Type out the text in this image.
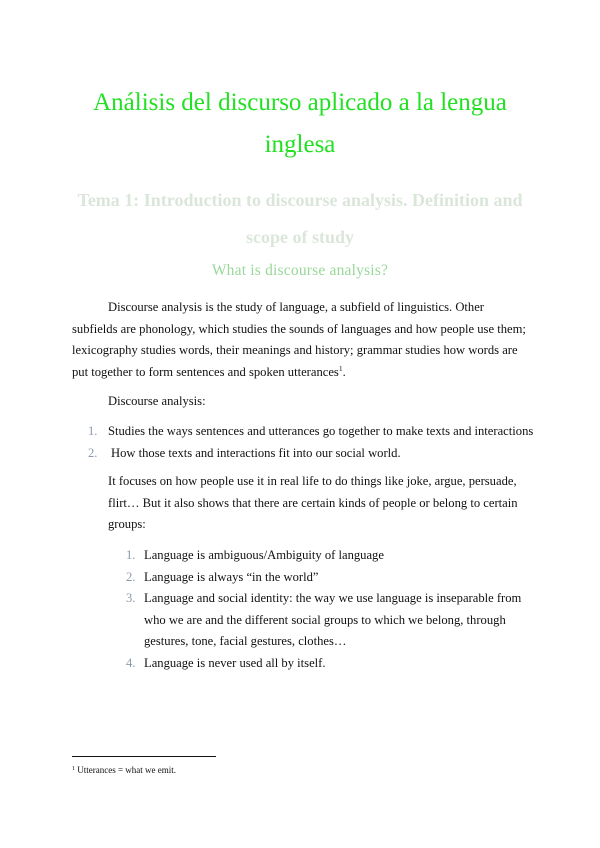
Análisis del discurso aplicado a la lengua inglesa
Tema 1: Introduction to discourse analysis. Definition and scope of study
What is discourse analysis?

Discourse analysis is the study of language, a subfield of linguistics. Other subfields are phonology, which studies the sounds of languages and how people use them; lexicography studies words, their meanings and history; grammar studies how words are put together to form sentences and spoken utterances$^1$.

Discourse analysis:

1. Studies the ways sentences and utterances go together to make texts and interactions
2. How those texts and interactions fit into our social world.

It focuses on how people use it in real life to do things like joke, argue, persuade, flirt… But it also shows that there are certain kinds of people or belong to certain groups:

1. Language is ambiguous/Ambiguity of language
2. Language is always “in the world”
3. Language and social identity: the way we use language is inseparable from who we are and the different social groups to which we belong, through gestures, tone, facial gestures, clothes…
4. Language is never used all by itself.

$^1$ Utterances = what we emit.
